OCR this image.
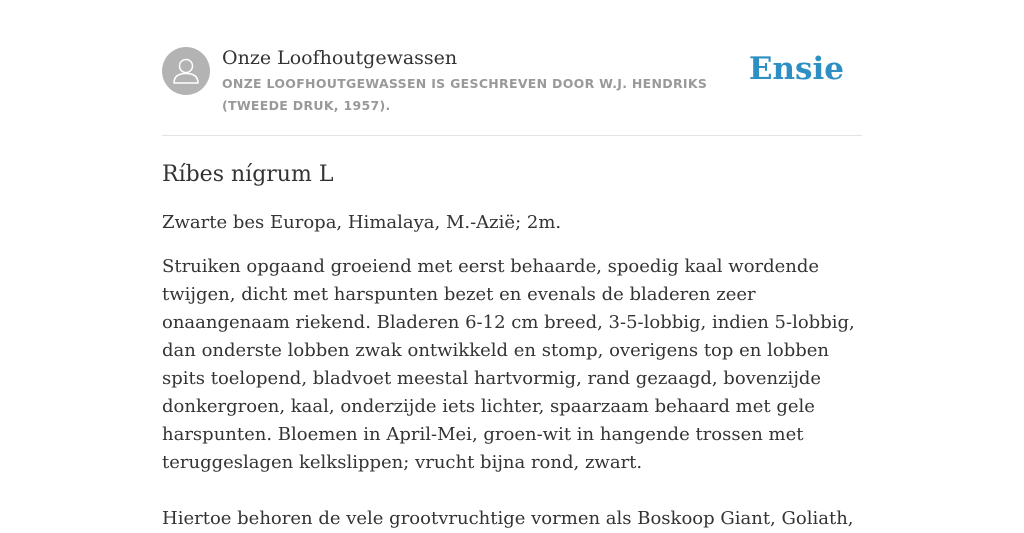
Onze Loofhoutgewassen
ONZE LOOFHOUTGEWASSEN IS GESCHREVEN DOOR W.J. HENDRIKS (TWEEDE DRUK, 1957).
Ensie
Ríbes nígrum L

Zwarte bes Europa, Himalaya, M.-Azië; 2m.

Struiken opgaand groeiend met eerst behaarde, spoedig kaal wordende twijgen, dicht met harspunten bezet en evenals de bladeren zeer onaangenaam riekend. Bladeren 6-12 cm breed, 3-5-lobbig, indien 5-lobbig, dan onderste lobben zwak ontwikkeld en stomp, overigens top en lobben spits toelopend, bladvoet meestal hartvormig, rand gezaagd, bovenzijde donkergroen, kaal, onderzijde iets lichter, spaarzaam behaard met gele harspunten. Bloemen in April-Mei, groen-wit in hangende trossen met teruggeslagen kelkslippen; vrucht bijna rond, zwart.

Hiertoe behoren de vele grootvruchtige vormen als Boskoop Giant, Goliath,
